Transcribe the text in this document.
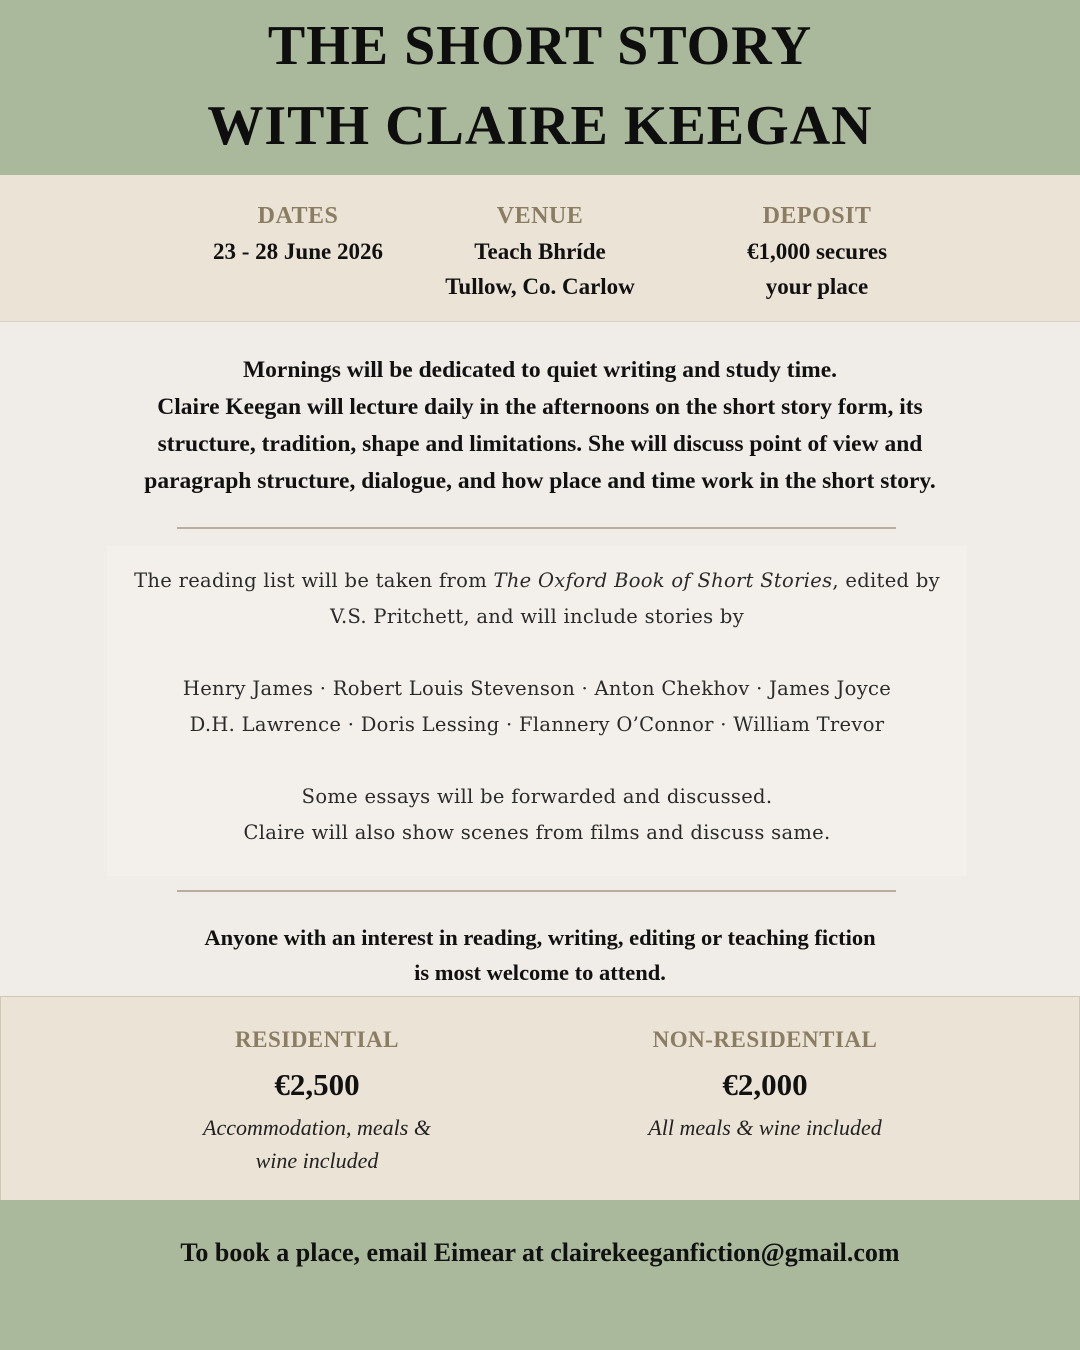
THE SHORT STORY
WITH CLAIRE KEEGAN
DATES
23 - 28 June 2026
VENUE
Teach Bhríde
Tullow, Co. Carlow
DEPOSIT
€1,000 secures
your place
Mornings will be dedicated to quiet writing and study time.
Claire Keegan will lecture daily in the afternoons on the short story form, its
structure, tradition, shape and limitations. She will discuss point of view and
paragraph structure, dialogue, and how place and time work in the short story.
The reading list will be taken from The Oxford Book of Short Stories, edited by
V.S. Pritchett, and will include stories by
Henry James · Robert Louis Stevenson · Anton Chekhov · James Joyce
D.H. Lawrence · Doris Lessing · Flannery O’Connor · William Trevor
Some essays will be forwarded and discussed.
Claire will also show scenes from films and discuss same.
Anyone with an interest in reading, writing, editing or teaching fiction
is most welcome to attend.
RESIDENTIAL
€2,500
Accommodation, meals & wine included
NON-RESIDENTIAL
€2,000
All meals & wine included
To book a place, email Eimear at clairekeeganfiction@gmail.com
